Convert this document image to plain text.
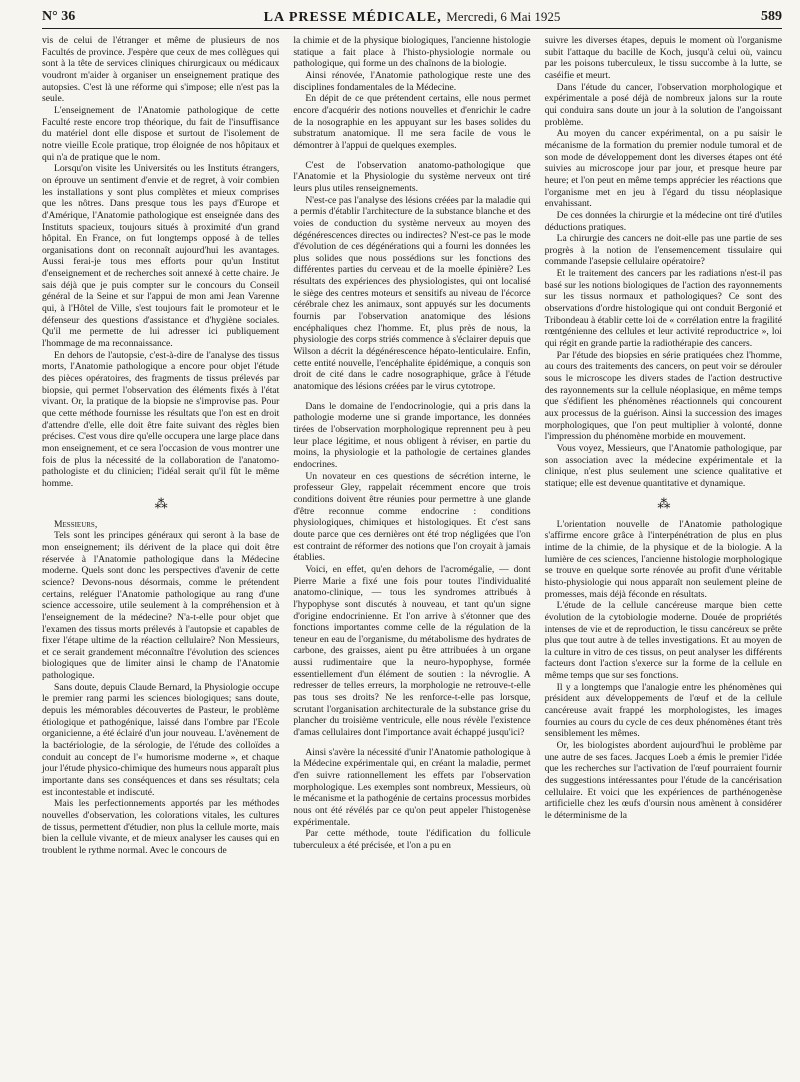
N° 36	LA PRESSE MÉDICALE, Mercredi, 6 Mai 1925	589

vis de celui de l'étranger et même de plusieurs de nos Facultés de province. J'espère que ceux de mes collègues qui sont à la tête de services cliniques chirurgicaux ou médicaux voudront m'aider à organiser un enseignement pratique des autopsies. C'est là une réforme qui s'impose; elle n'est pas la seule.

L'enseignement de l'Anatomie pathologique de cette Faculté reste encore trop théorique, du fait de l'insuffisance du matériel dont elle dispose et surtout de l'isolement de notre vieille Ecole pratique, trop éloignée de nos hôpitaux et qui n'a de pratique que le nom.

Lorsqu'on visite les Universités ou les Instituts étrangers, on éprouve un sentiment d'envie et de regret, à voir combien les installations y sont plus complètes et mieux comprises que les nôtres. Dans presque tous les pays d'Europe et d'Amérique, l'Anatomie pathologique est enseignée dans des Instituts spacieux, toujours situés à proximité d'un grand hôpital. En France, on fut longtemps opposé à de telles organisations dont on reconnaît aujourd'hui les avantages. Aussi ferai-je tous mes efforts pour qu'un Institut d'enseignement et de recherches soit annexé à cette chaire. Je sais déjà que je puis compter sur le concours du Conseil général de la Seine et sur l'appui de mon ami Jean Varenne qui, à l'Hôtel de Ville, s'est toujours fait le promoteur et le défenseur des questions d'assistance et d'hygiène sociales. Qu'il me permette de lui adresser ici publiquement l'hommage de ma reconnaissance.

En dehors de l'autopsie, c'est-à-dire de l'analyse des tissus morts, l'Anatomie pathologique a encore pour objet l'étude des pièces opératoires, des fragments de tissus prélevés par biopsie, qui permet l'observation des éléments fixés à l'état vivant. Or, la pratique de la biopsie ne s'improvise pas. Pour que cette méthode fournisse les résultats que l'on est en droit d'attendre d'elle, elle doit être faite suivant des règles bien précises. C'est vous dire qu'elle occupera une large place dans mon enseignement, et ce sera l'occasion de vous montrer une fois de plus la nécessité de la collaboration de l'anatomo-pathologiste et du clinicien; l'idéal serait qu'il fût le même homme.

⁂

Messieurs,

Tels sont les principes généraux qui seront à la base de mon enseignement; ils dérivent de la place qui doit être réservée à l'Anatomie pathologique dans la Médecine moderne. Quels sont donc les perspectives d'avenir de cette science? Devons-nous désormais, comme le prétendent certains, reléguer l'Anatomie pathologique au rang d'une science accessoire, utile seulement à la compréhension et à l'enseignement de la médecine? N'a-t-elle pour objet que l'examen des tissus morts prélevés à l'autopsie et capables de fixer l'étape ultime de la réaction cellulaire? Non Messieurs, et ce serait grandement méconnaître l'évolution des sciences biologiques que de limiter ainsi le champ de l'Anatomie pathologique.

Sans doute, depuis Claude Bernard, la Physiologie occupe le premier rang parmi les sciences biologiques; sans doute, depuis les mémorables découvertes de Pasteur, le problème étiologique et pathogénique, laissé dans l'ombre par l'Ecole organicienne, a été éclairé d'un jour nouveau. L'avènement de la bactériologie, de la sérologie, de l'étude des colloïdes a conduit au concept de l'« humorisme moderne », et chaque jour l'étude physico-chimique des humeurs nous apparaît plus importante dans ses conséquences et dans ses résultats; cela est incontestable et indiscuté.

Mais les perfectionnements apportés par les méthodes nouvelles d'observation, les colorations vitales, les cultures de tissus, permettent d'étudier, non plus la cellule morte, mais bien la cellule vivante, et de mieux analyser les causes qui en troublent le rythme normal. Avec le concours de

la chimie et de la physique biologiques, l'ancienne histologie statique a fait place à l'histo-physiologie normale ou pathologique, qui forme un des chaînons de la biologie.

Ainsi rénovée, l'Anatomie pathologique reste une des disciplines fondamentales de la Médecine.

En dépit de ce que prétendent certains, elle nous permet encore d'acquérir des notions nouvelles et d'enrichir le cadre de la nosographie en les appuyant sur les bases solides du substratum anatomique. Il me sera facile de vous le démontrer à l'appui de quelques exemples.

C'est de l'observation anatomo-pathologique que l'Anatomie et la Physiologie du système nerveux ont tiré leurs plus utiles renseignements.

N'est-ce pas l'analyse des lésions créées par la maladie qui a permis d'établir l'architecture de la substance blanche et des voies de conduction du système nerveux au moyen des dégénérescences directes ou indirectes? N'est-ce pas le mode d'évolution de ces dégénérations qui a fourni les données les plus solides que nous possédions sur les fonctions des différentes parties du cerveau et de la moelle épinière? Les résultats des expériences des physiologistes, qui ont localisé le siège des centres moteurs et sensitifs au niveau de l'écorce cérébrale chez les animaux, sont appuyés sur les documents fournis par l'observation anatomique des lésions encéphaliques chez l'homme. Et, plus près de nous, la physiologie des corps striés commence à s'éclairer depuis que Wilson a décrit la dégénérescence hépato-lenticulaire. Enfin, cette entité nouvelle, l'encéphalite épidémique, a conquis son droit de cité dans le cadre nosographique, grâce à l'étude anatomique des lésions créées par le virus cytotrope.

Dans le domaine de l'endocrinologie, qui a pris dans la pathologie moderne une si grande importance, les données tirées de l'observation morphologique reprennent peu à peu leur place légitime, et nous obligent à réviser, en partie du moins, la physiologie et la pathologie de certaines glandes endocrines.

Un novateur en ces questions de sécrétion interne, le professeur Gley, rappelait récemment encore que trois conditions doivent être réunies pour permettre à une glande d'être reconnue comme endocrine : conditions physiologiques, chimiques et histologiques. Et c'est sans doute parce que ces dernières ont été trop négligées que l'on est contraint de réformer des notions que l'on croyait à jamais établies.

Voici, en effet, qu'en dehors de l'acromégalie, — dont Pierre Marie a fixé une fois pour toutes l'individualité anatomo-clinique, — tous les syndromes attribués à l'hypophyse sont discutés à nouveau, et tant qu'un signe d'origine endocrinienne. Et l'on arrive à s'étonner que des fonctions importantes comme celle de la régulation de la teneur en eau de l'organisme, du métabolisme des hydrates de carbone, des graisses, aient pu être attribuées à un organe aussi rudimentaire que la neuro-hypophyse, formée essentiellement d'un élément de soutien : la névroglie. A redresser de telles erreurs, la morphologie ne retrouve-t-elle pas tous ses droits? Ne les renforce-t-elle pas lorsque, scrutant l'organisation architecturale de la substance grise du plancher du troisième ventricule, elle nous révèle l'existence d'amas cellulaires dont l'importance avait échappé jusqu'ici?

Ainsi s'avère la nécessité d'unir l'Anatomie pathologique à la Médecine expérimentale qui, en créant la maladie, permet d'en suivre rationnellement les effets par l'observation morphologique. Les exemples sont nombreux, Messieurs, où le mécanisme et la pathogénie de certains processus morbides nous ont été révélés par ce qu'on peut appeler l'histogenèse expérimentale.

Par cette méthode, toute l'édification du follicule tuberculeux a été précisée, et l'on a pu en

suivre les diverses étapes, depuis le moment où l'organisme subit l'attaque du bacille de Koch, jusqu'à celui où, vaincu par les poisons tuberculeux, le tissu succombe à la lutte, se caséifie et meurt.

Dans l'étude du cancer, l'observation morphologique et expérimentale a posé déjà de nombreux jalons sur la route qui conduira sans doute un jour à la solution de l'angoissant problème.

Au moyen du cancer expérimental, on a pu saisir le mécanisme de la formation du premier nodule tumoral et de son mode de développement dont les diverses étapes ont été suivies au microscope jour par jour, et presque heure par heure; et l'on peut en même temps apprécier les réactions que l'organisme met en jeu à l'égard du tissu néoplasique envahissant.

De ces données la chirurgie et la médecine ont tiré d'utiles déductions pratiques.

La chirurgie des cancers ne doit-elle pas une partie de ses progrès à la notion de l'ensemencement tissulaire qui commande l'asepsie cellulaire opératoire?

Et le traitement des cancers par les radiations n'est-il pas basé sur les notions biologiques de l'action des rayonnements sur les tissus normaux et pathologiques? Ce sont des observations d'ordre histologique qui ont conduit Bergonié et Tribondeau à établir cette loi de « corrélation entre la fragilité rœntgénienne des cellules et leur activité reproductrice », loi qui régit en grande partie la radiothérapie des cancers.

Par l'étude des biopsies en série pratiquées chez l'homme, au cours des traitements des cancers, on peut voir se dérouler sous le microscope les divers stades de l'action destructive des rayonnements sur la cellule néoplasique, en même temps que s'édifient les phénomènes réactionnels qui concourent aux processus de la guérison. Ainsi la succession des images morphologiques, que l'on peut multiplier à volonté, donne l'impression du phénomène morbide en mouvement.

Vous voyez, Messieurs, que l'Anatomie pathologique, par son association avec la médecine expérimentale et la clinique, n'est plus seulement une science qualitative et statique; elle est devenue quantitative et dynamique.

⁂

L'orientation nouvelle de l'Anatomie pathologique s'affirme encore grâce à l'interpénétration de plus en plus intime de la chimie, de la physique et de la biologie. A la lumière de ces sciences, l'ancienne histologie morphologique se trouve en quelque sorte rénovée au profit d'une véritable histo-physiologie qui nous apparaît non seulement pleine de promesses, mais déjà féconde en résultats.

L'étude de la cellule cancéreuse marque bien cette évolution de la cytobiologie moderne. Douée de propriétés intenses de vie et de reproduction, le tissu cancéreux se prête plus que tout autre à de telles investigations. Et au moyen de la culture in vitro de ces tissus, on peut analyser les différents facteurs dont l'action s'exerce sur la forme de la cellule en même temps que sur ses fonctions.

Il y a longtemps que l'analogie entre les phénomènes qui président aux développements de l'œuf et de la cellule cancéreuse avait frappé les morphologistes, les images fournies au cours du cycle de ces deux phénomènes étant très sensiblement les mêmes.

Or, les biologistes abordent aujourd'hui le problème par une autre de ses faces. Jacques Loeb a émis le premier l'idée que les recherches sur l'activation de l'œuf pourraient fournir des suggestions intéressantes pour l'étude de la cancérisation cellulaire. Et voici que les expériences de parthénogenèse artificielle chez les œufs d'oursin nous amènent à considérer le déterminisme de la
